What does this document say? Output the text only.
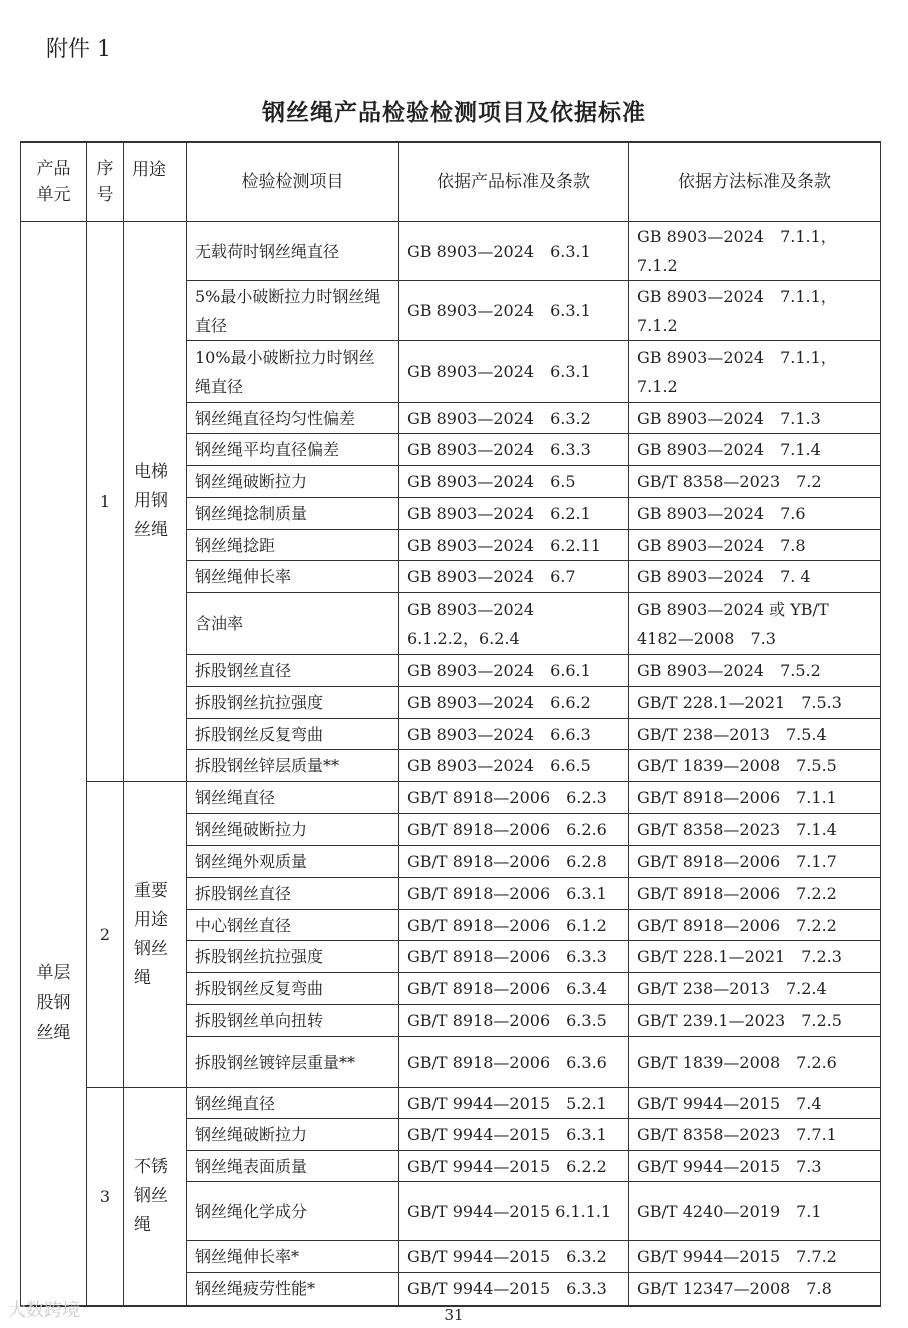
附件 1
钢丝绳产品检验检测项目及依据标准
产品单元	序号	用途	检验检测项目	依据产品标准及条款	依据方法标准及条款
单层股钢丝绳	1	电梯用钢丝绳	无载荷时钢丝绳直径	GB 8903—2024　6.3.1	GB 8903—2024　7.1.1，7.1.2
			5%最小破断拉力时钢丝绳直径	GB 8903—2024　6.3.1	GB 8903—2024　7.1.1，7.1.2
			10%最小破断拉力时钢丝绳直径	GB 8903—2024　6.3.1	GB 8903—2024　7.1.1，7.1.2
			钢丝绳直径均匀性偏差	GB 8903—2024　6.3.2	GB 8903—2024　7.1.3
			钢丝绳平均直径偏差	GB 8903—2024　6.3.3	GB 8903—2024　7.1.4
			钢丝绳破断拉力	GB 8903—2024　6.5	GB/T 8358—2023　7.2
			钢丝绳捻制质量	GB 8903—2024　6.2.1	GB 8903—2024　7.6
			钢丝绳捻距	GB 8903—2024　6.2.11	GB 8903—2024　7.8
			钢丝绳伸长率	GB 8903—2024　6.7	GB 8903—2024　7. 4
			含油率	GB 8903—2024　6.1.2.2，6.2.4	GB 8903—2024 或 YB/T 4182—2008　7.3
			拆股钢丝直径	GB 8903—2024　6.6.1	GB 8903—2024　7.5.2
			拆股钢丝抗拉强度	GB 8903—2024　6.6.2	GB/T 228.1—2021　7.5.3
			拆股钢丝反复弯曲	GB 8903—2024　6.6.3	GB/T 238—2013　7.5.4
			拆股钢丝锌层质量**	GB 8903—2024　6.6.5	GB/T 1839—2008　7.5.5
	2	重要用途钢丝绳	钢丝绳直径	GB/T 8918—2006　6.2.3	GB/T 8918—2006　7.1.1
			钢丝绳破断拉力	GB/T 8918—2006　6.2.6	GB/T 8358—2023　7.1.4
			钢丝绳外观质量	GB/T 8918—2006　6.2.8	GB/T 8918—2006　7.1.7
			拆股钢丝直径	GB/T 8918—2006　6.3.1	GB/T 8918—2006　7.2.2
			中心钢丝直径	GB/T 8918—2006　6.1.2	GB/T 8918—2006　7.2.2
			拆股钢丝抗拉强度	GB/T 8918—2006　6.3.3	GB/T 228.1—2021　7.2.3
			拆股钢丝反复弯曲	GB/T 8918—2006　6.3.4	GB/T 238—2013　7.2.4
			拆股钢丝单向扭转	GB/T 8918—2006　6.3.5	GB/T 239.1—2023　7.2.5
			拆股钢丝镀锌层重量**	GB/T 8918—2006　6.3.6	GB/T 1839—2008　7.2.6
	3	不锈钢丝绳	钢丝绳直径	GB/T 9944—2015　5.2.1	GB/T 9944—2015　7.4
			钢丝绳破断拉力	GB/T 9944—2015　6.3.1	GB/T 8358—2023　7.7.1
			钢丝绳表面质量	GB/T 9944—2015　6.2.2	GB/T 9944—2015　7.3
			钢丝绳化学成分	GB/T 9944—2015 6.1.1.1	GB/T 4240—2019　7.1
			钢丝绳伸长率*	GB/T 9944—2015　6.3.2	GB/T 9944—2015　7.7.2
			钢丝绳疲劳性能*	GB/T 9944—2015　6.3.3	GB/T 12347—2008　7.8
大数跨境	31
